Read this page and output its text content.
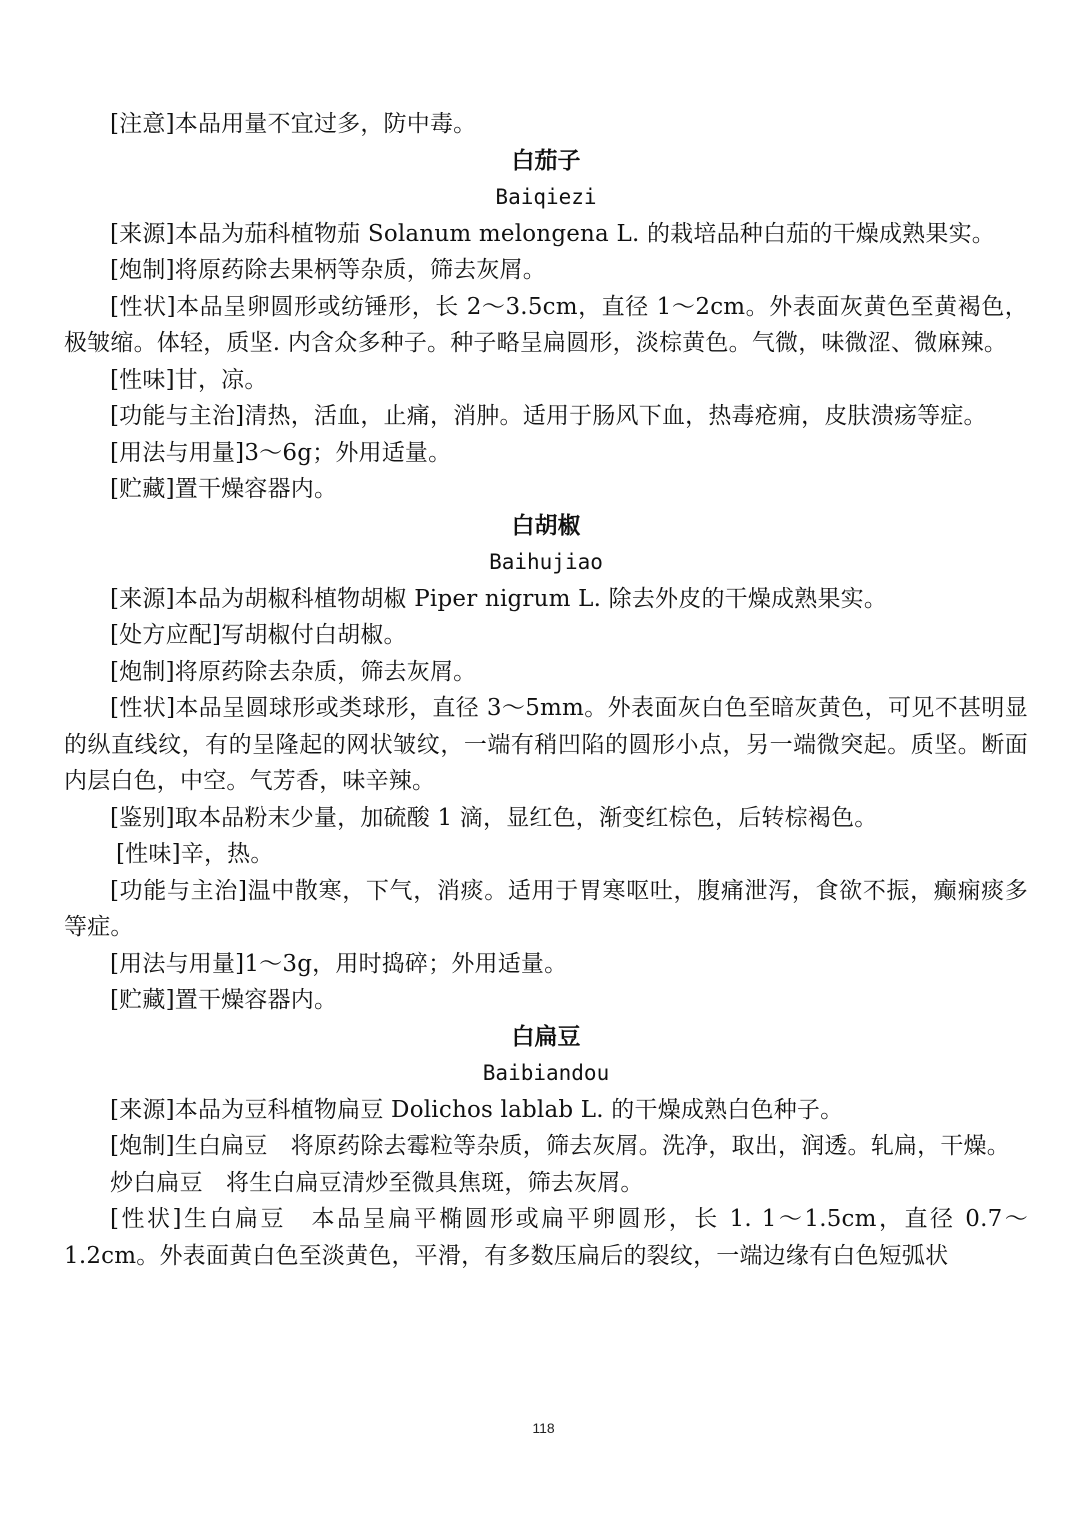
[注意]本品用量不宜过多，防中毒。

白茄子
Baiqiezi

[来源]本品为茄科植物茄 Solanum melongena L. 的栽培品种白茄的干燥成熟果实。

[炮制]将原药除去果柄等杂质，筛去灰屑。

[性状]本品呈卵圆形或纺锤形，长 2～3.5cm，直径 1～2cm。外表面灰黄色至黄褐色，极皱缩。体轻，质坚. 内含众多种子。种子略呈扁圆形，淡棕黄色。气微，味微涩、微麻辣。

[性味]甘，凉。

[功能与主治]清热，活血，止痛，消肿。适用于肠风下血，热毒疮痈，皮肤溃疡等症。

[用法与用量]3～6g；外用适量。

[贮藏]置干燥容器内。

白胡椒
Baihujiao

[来源]本品为胡椒科植物胡椒 Piper nigrum L. 除去外皮的干燥成熟果实。

[处方应配]写胡椒付白胡椒。

[炮制]将原药除去杂质，筛去灰屑。

[性状]本品呈圆球形或类球形，直径 3～5mm。外表面灰白色至暗灰黄色，可见不甚明显的纵直线纹，有的呈隆起的网状皱纹，一端有稍凹陷的圆形小点，另一端微突起。质坚。断面内层白色，中空。气芳香，味辛辣。

[鉴别]取本品粉末少量，加硫酸 1 滴，显红色，渐变红棕色，后转棕褐色。

[性味]辛，热。

[功能与主治]温中散寒，下气，消痰。适用于胃寒呕吐，腹痛泄泻，食欲不振，癫痫痰多等症。

[用法与用量]1～3g，用时捣碎；外用适量。

[贮藏]置干燥容器内。

白扁豆
Baibiandou

[来源]本品为豆科植物扁豆 Dolichos lablab L. 的干燥成熟白色种子。

[炮制]生白扁豆　将原药除去霉粒等杂质，筛去灰屑。洗净，取出，润透。轧扁，干燥。

炒白扁豆　将生白扁豆清炒至微具焦斑，筛去灰屑。

[性状]生白扁豆　本品呈扁平椭圆形或扁平卵圆形，长 1. 1～1.5cm，直径 0.7～1.2cm。外表面黄白色至淡黄色，平滑，有多数压扁后的裂纹，一端边缘有白色短弧状

118
